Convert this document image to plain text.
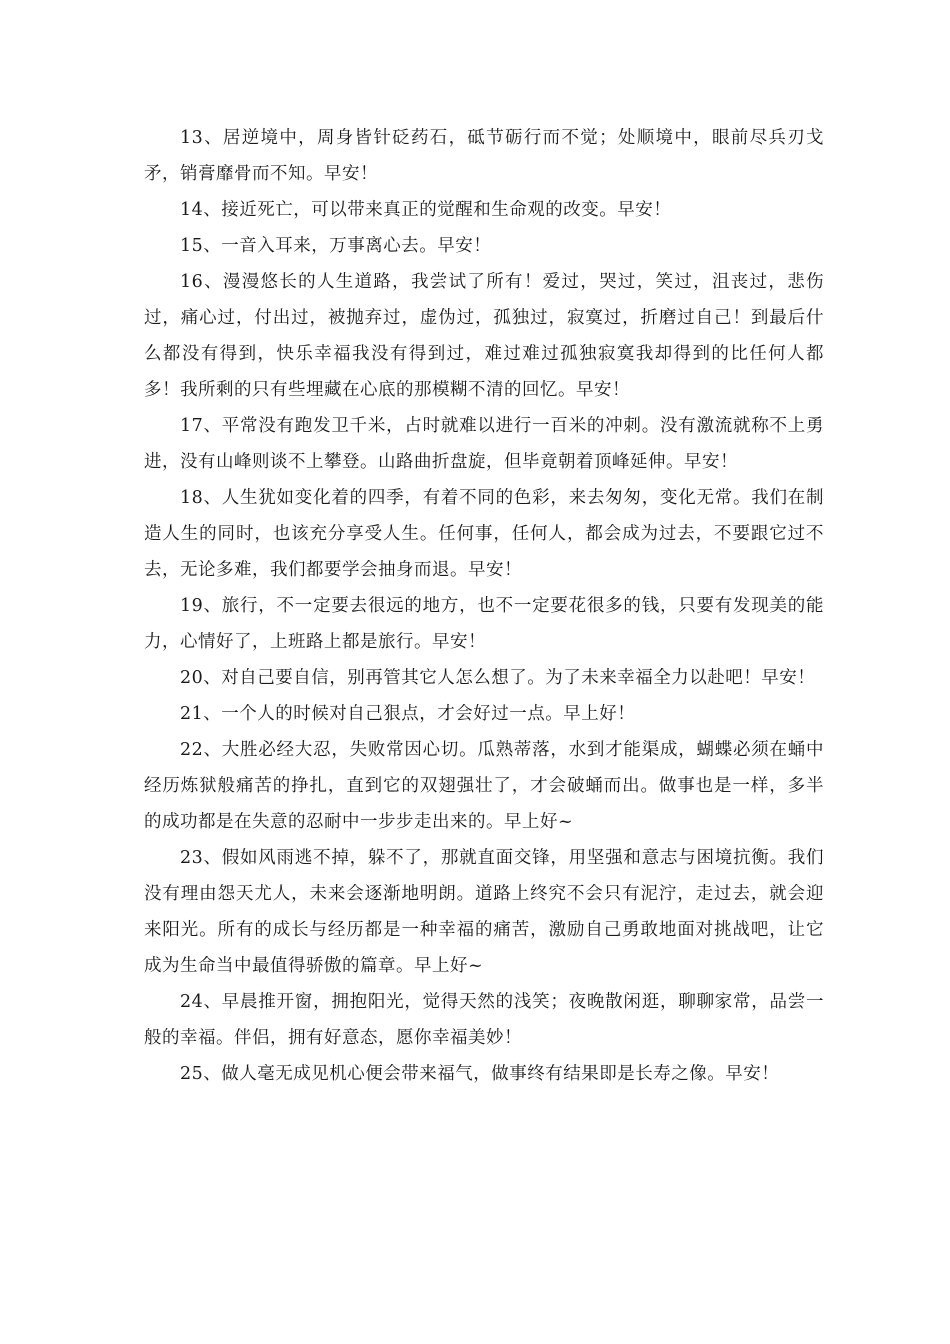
13、居逆境中，周身皆针砭药石，砥节砺行而不觉；处顺境中，眼前尽兵刃戈矛，销膏靡骨而不知。早安！

14、接近死亡，可以带来真正的觉醒和生命观的改变。早安！

15、一音入耳来，万事离心去。早安！

16、漫漫悠长的人生道路，我尝试了所有！爱过，哭过，笑过，沮丧过，悲伤过，痛心过，付出过，被抛弃过，虚伪过，孤独过，寂寞过，折磨过自己！到最后什么都没有得到，快乐幸福我没有得到过，难过难过孤独寂寞我却得到的比任何人都多！我所剩的只有些埋藏在心底的那模糊不清的回忆。早安！

17、平常没有跑发卫千米，占时就难以进行一百米的冲刺。没有激流就称不上勇进，没有山峰则谈不上攀登。山路曲折盘旋，但毕竟朝着顶峰延伸。早安！

18、人生犹如变化着的四季，有着不同的色彩，来去匆匆，变化无常。我们在制造人生的同时，也该充分享受人生。任何事，任何人，都会成为过去，不要跟它过不去，无论多难，我们都要学会抽身而退。早安！

19、旅行，不一定要去很远的地方，也不一定要花很多的钱，只要有发现美的能力，心情好了，上班路上都是旅行。早安！

20、对自己要自信，别再管其它人怎么想了。为了未来幸福全力以赴吧！早安！

21、一个人的时候对自己狠点，才会好过一点。早上好！

22、大胜必经大忍，失败常因心切。瓜熟蒂落，水到才能渠成，蝴蝶必须在蛹中经历炼狱般痛苦的挣扎，直到它的双翅强壮了，才会破蛹而出。做事也是一样，多半的成功都是在失意的忍耐中一步步走出来的。早上好~

23、假如风雨逃不掉，躲不了，那就直面交锋，用坚强和意志与困境抗衡。我们没有理由怨天尤人，未来会逐渐地明朗。道路上终究不会只有泥泞，走过去，就会迎来阳光。所有的成长与经历都是一种幸福的痛苦，激励自己勇敢地面对挑战吧，让它成为生命当中最值得骄傲的篇章。早上好~

24、早晨推开窗，拥抱阳光，觉得天然的浅笑；夜晚散闲逛，聊聊家常，品尝一般的幸福。伴侣，拥有好意态，愿你幸福美妙！

25、做人毫无成见机心便会带来福气，做事终有结果即是长寿之像。早安！
